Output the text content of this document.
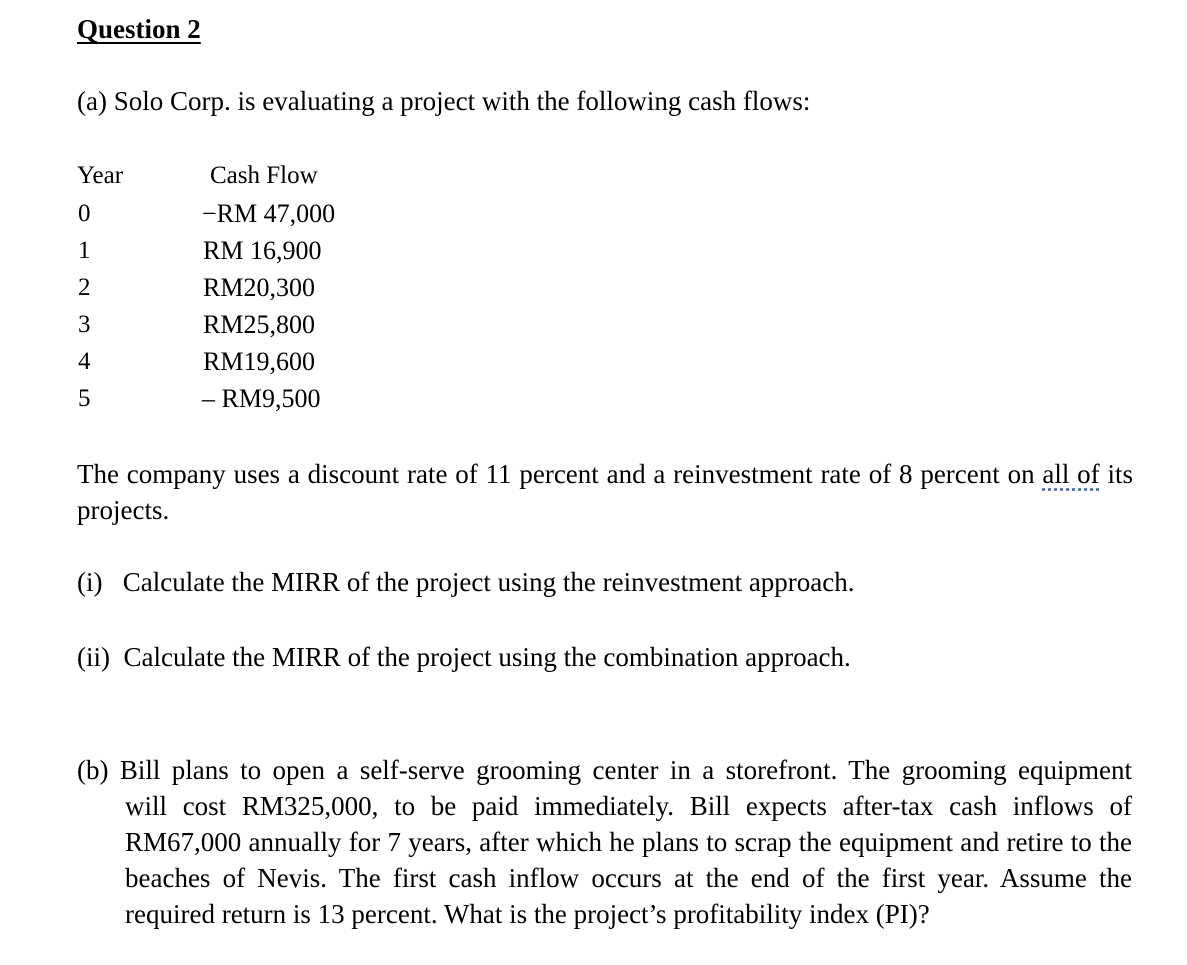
Question 2
(a) Solo Corp. is evaluating a project with the following cash flows:
Year	Cash Flow
0	−RM 47,000
1	RM 16,900
2	RM20,300
3	RM25,800
4	RM19,600
5	– RM9,500
The company uses a discount rate of 11 percent and a reinvestment rate of 8 percent on all of its projects.
(i)  Calculate the MIRR of the project using the reinvestment approach.
(ii) Calculate the MIRR of the project using the combination approach.
(b) Bill plans to open a self-serve grooming center in a storefront. The grooming equipment
will cost RM325,000, to be paid immediately. Bill expects after-tax cash inflows of RM67,000 annually for 7 years, after which he plans to scrap the equipment and retire to the beaches of Nevis. The first cash inflow occurs at the end of the first year. Assume the required return is 13 percent. What is the project’s profitability index (PI)?
